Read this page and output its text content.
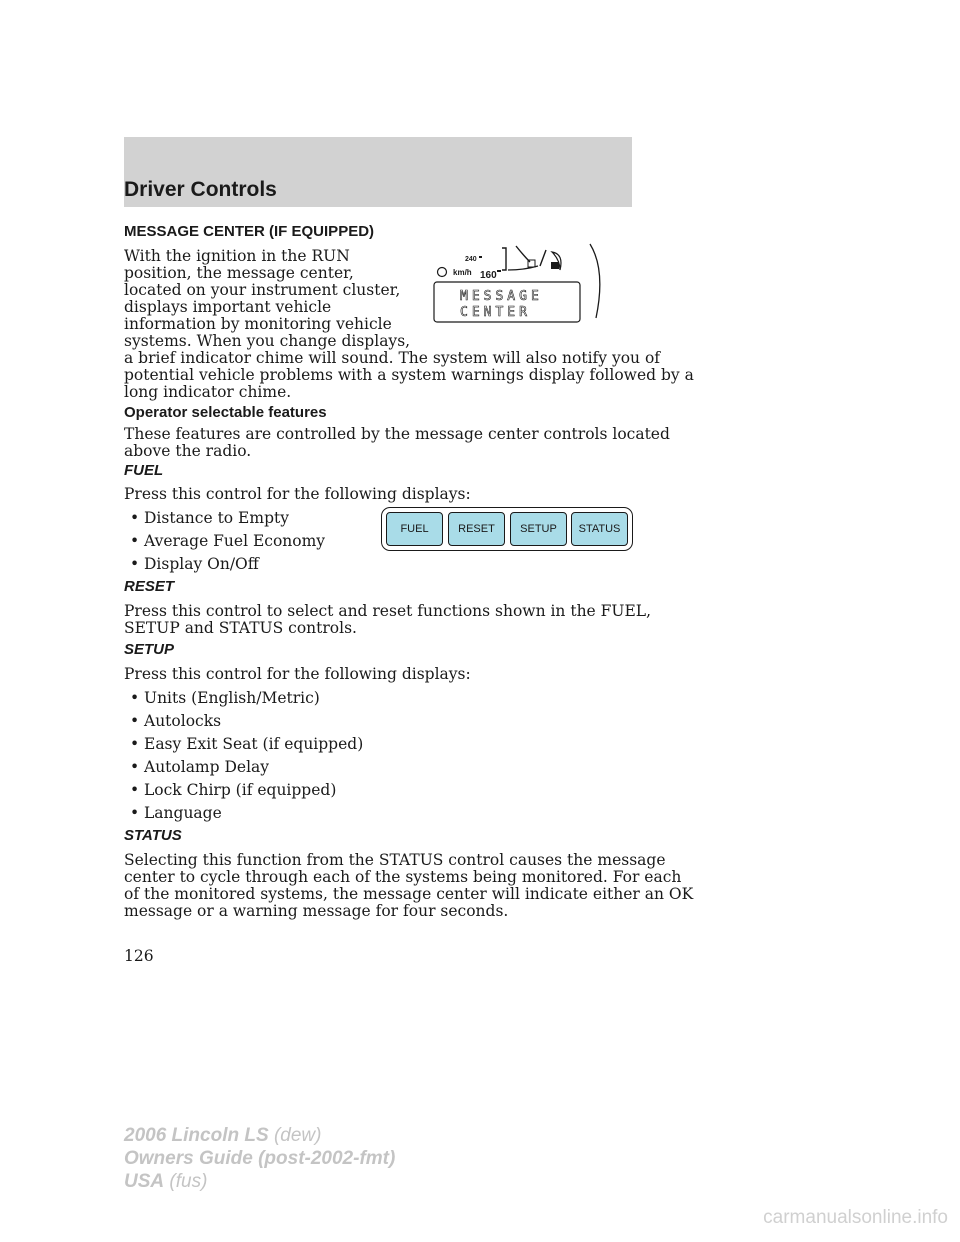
Driver Controls
MESSAGE CENTER (IF EQUIPPED)
With the ignition in the RUN
position, the message center,
located on your instrument cluster,
displays important vehicle
information by monitoring vehicle
systems. When you change displays,
a brief indicator chime will sound. The system will also notify you of
potential vehicle problems with a system warnings display followed by a
long indicator chime.
km/h
240
160
MESSAGE
CENTER
Operator selectable features
These features are controlled by the message center controls located
above the radio.
FUEL
Press this control for the following displays:
• Distance to Empty
• Average Fuel Economy
• Display On/Off
FUEL	RESET	SETUP	STATUS
RESET
Press this control to select and reset functions shown in the FUEL,
SETUP and STATUS controls.
SETUP
Press this control for the following displays:
• Units (English/Metric)
• Autolocks
• Easy Exit Seat (if equipped)
• Autolamp Delay
• Lock Chirp (if equipped)
• Language
STATUS
Selecting this function from the STATUS control causes the message
center to cycle through each of the systems being monitored. For each
of the monitored systems, the message center will indicate either an OK
message or a warning message for four seconds.
126
2006 Lincoln LS (dew)
Owners Guide (post-2002-fmt)
USA (fus)
carmanualsonline.info
